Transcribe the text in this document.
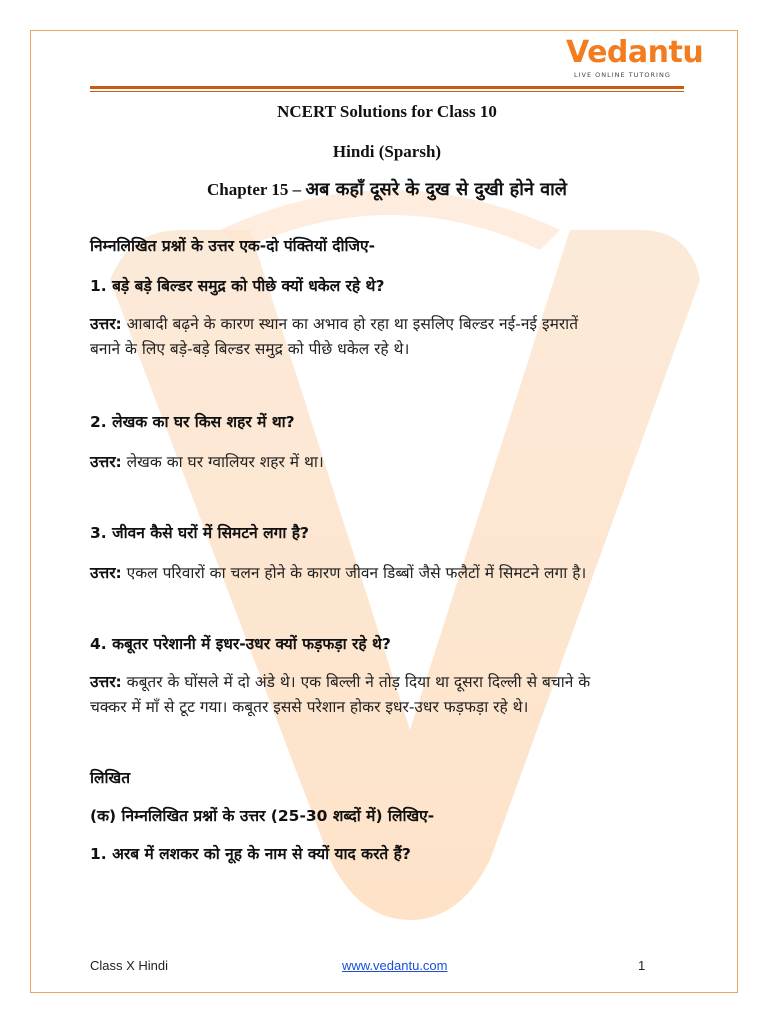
Vedantu
LIVE ONLINE TUTORING

NCERT Solutions for Class 10

Hindi (Sparsh)

Chapter 15 – अब कहाँ दूसरे के दुख से दुखी होने वाले

निम्नलिखित प्रश्नों के उत्तर एक-दो पंक्तियों दीजिए-

1. बड़े बड़े बिल्डर समुद्र को पीछे क्यों धकेल रहे थे?

उत्तर: आबादी बढ़ने के कारण स्थान का अभाव हो रहा था इसलिए बिल्डर नई-नई इमरातें
बनाने के लिए बड़े-बड़े बिल्डर समुद्र को पीछे धकेल रहे थे।

2. लेखक का घर किस शहर में था?

उत्तर: लेखक का घर ग्वालियर शहर में था।

3. जीवन कैसे घरों में सिमटने लगा है?

उत्तर: एकल परिवारों का चलन होने के कारण जीवन डिब्बों जैसे फलैटों में सिमटने लगा है।

4. कबूतर परेशानी में इधर-उधर क्यों फड़फड़ा रहे थे?

उत्तर: कबूतर के घोंसले में दो अंडे थे। एक बिल्ली ने तोड़ दिया था दूसरा दिल्ली से बचाने के
चक्कर में माँ से टूट गया। कबूतर इससे परेशान होकर इधर-उधर फड़फड़ा रहे थे।

लिखित

(क) निम्नलिखित प्रश्नों के उत्तर (25-30 शब्दों में) लिखिए-

1. अरब में लशकर को नूह के नाम से क्यों याद करते हैं?

Class X Hindi	www.vedantu.com	1
